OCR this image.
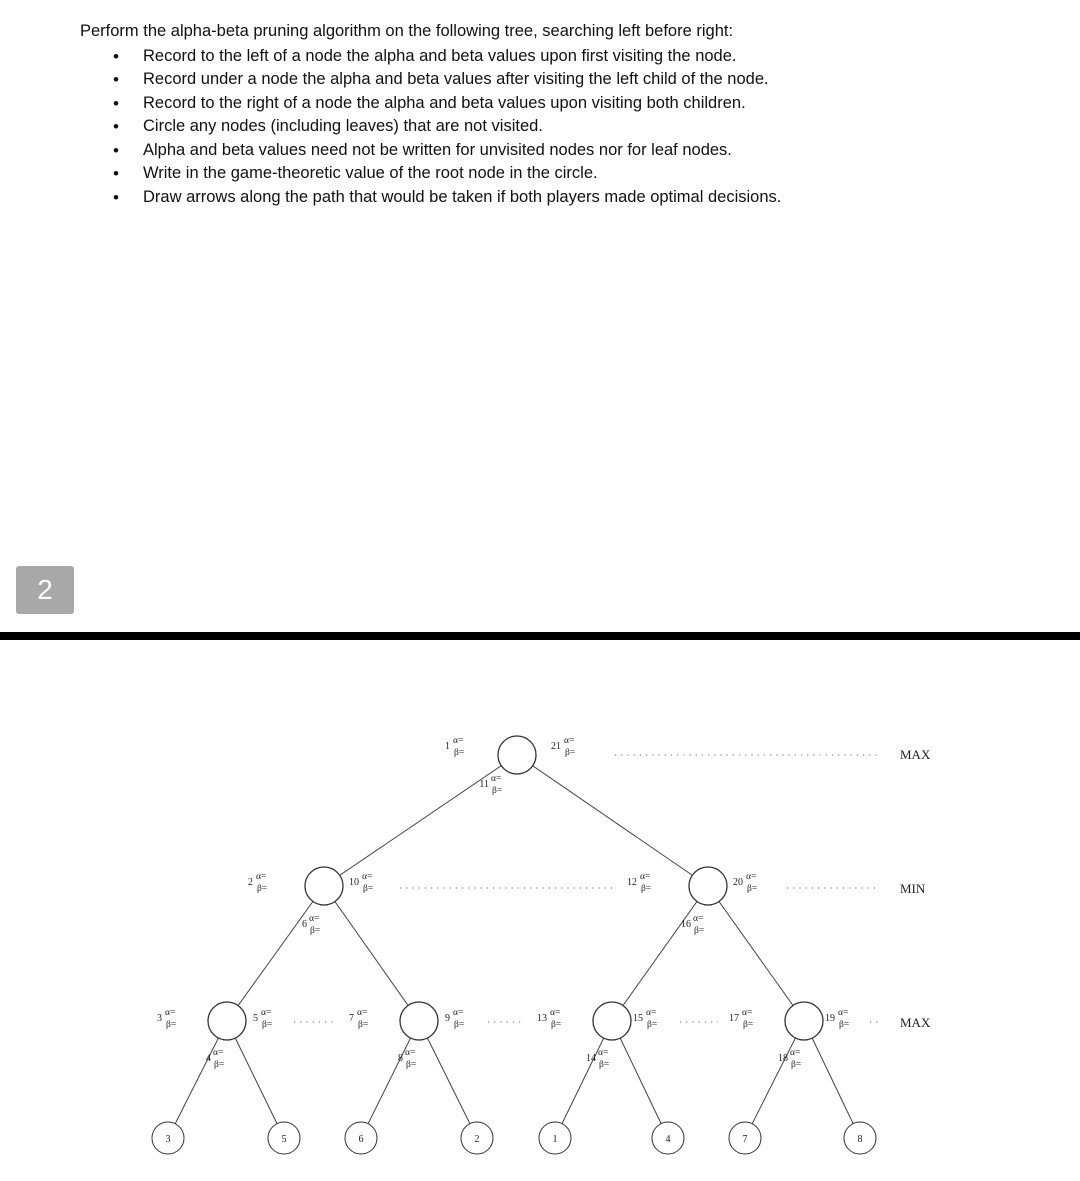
Perform the alpha-beta pruning algorithm on the following tree, searching left before right:

• Record to the left of a node the alpha and beta values upon first visiting the node.
• Record under a node the alpha and beta values after visiting the left child of the node.
• Record to the right of a node the alpha and beta values upon visiting both children.
• Circle any nodes (including leaves) that are not visited.
• Alpha and beta values need not be written for unvisited nodes nor for leaf nodes.
• Write in the game-theoretic value of the root node in the circle.
• Draw arrows along the path that would be taken if both players made optimal decisions.
2
3	5	6	2	1	4	7	8
MAX
MIN
MAX
1 α=
β=
11 α=
β=
21 α=
β=
2 α=
β=
6 α=
β=
10 α=
β=
12 α=
β=
16 α=
β=
20 α=
β=
3 α=
β=
4 α=
β=
5 α=
β=
7 α=
β=
8 α=
β=
9 α=
β=
13 α=
β=
14 α=
β=
15 α=
β=
17 α=
β=
18 α=
β=
19 α=
β=
